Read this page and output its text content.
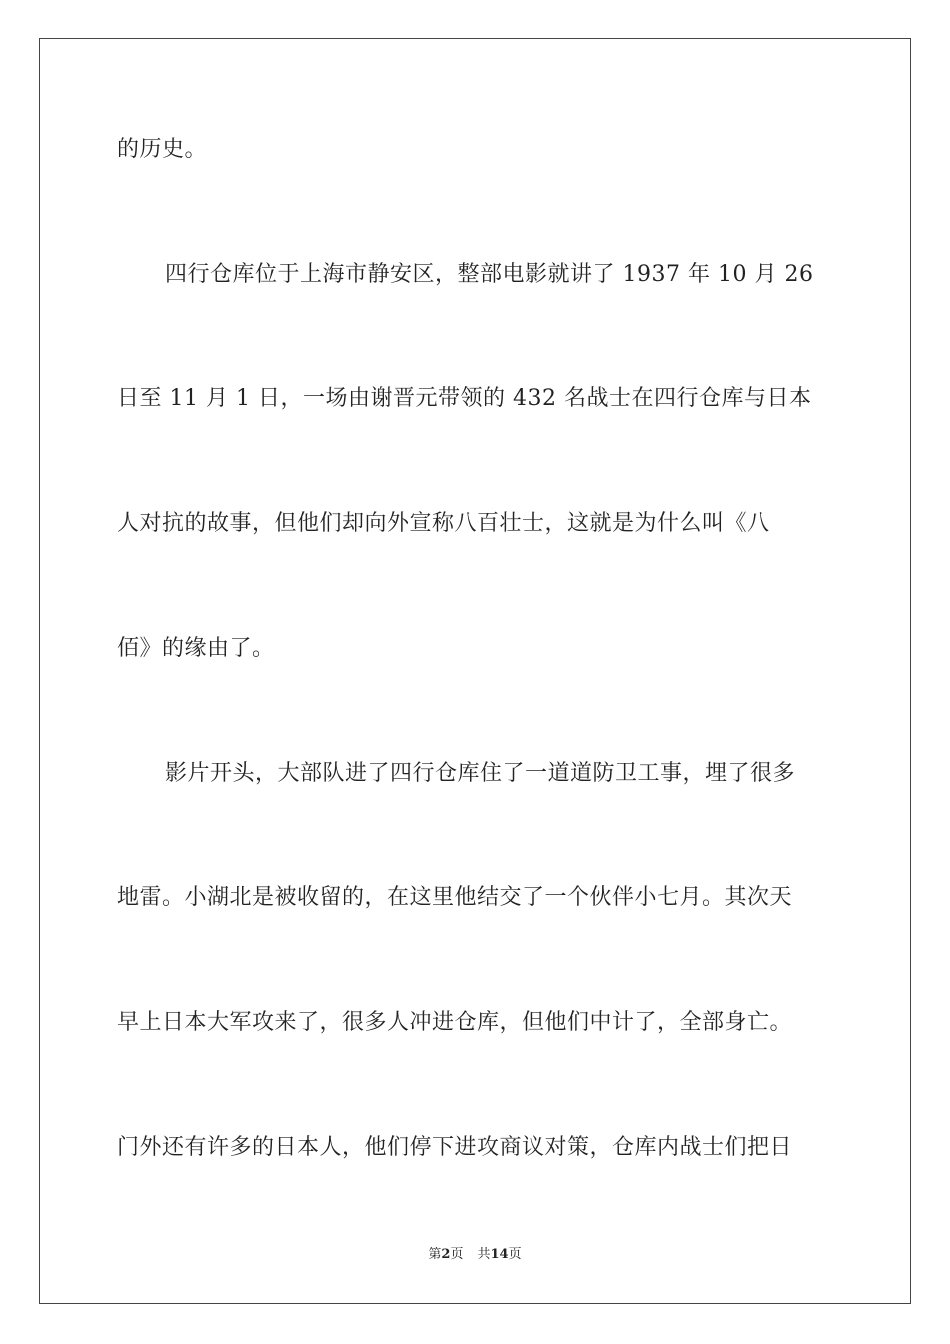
的历史。
四行仓库位于上海市静安区，整部电影就讲了 1937 年 10 月 26
日至 11 月 1 日，一场由谢晋元带领的 432 名战士在四行仓库与日本
人对抗的故事，但他们却向外宣称八百壮士，这就是为什么叫《八
佰》的缘由了。
影片开头，大部队进了四行仓库住了一道道防卫工事，埋了很多
地雷。小湖北是被收留的，在这里他结交了一个伙伴小七月。其次天
早上日本大军攻来了，很多人冲进仓库，但他们中计了，全部身亡。
门外还有许多的日本人，他们停下进攻商议对策，仓库内战士们把日
第2页 共14页
